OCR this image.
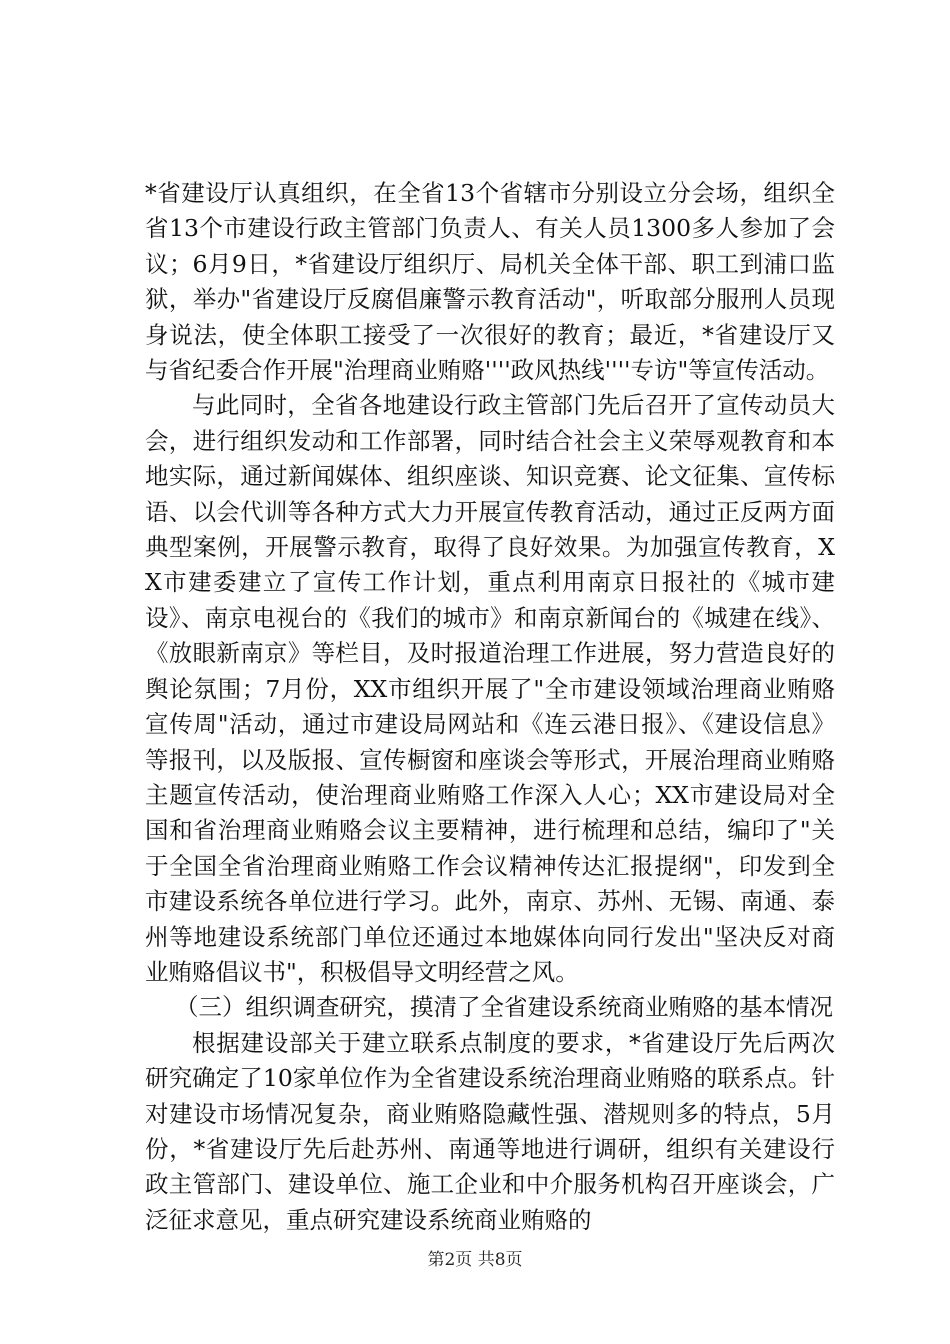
*省建设厅认真组织，在全省13个省辖市分别设立分会场，组织全省13个市建设行政主管部门负责人、有关人员1300多人参加了会议；6月9日，*省建设厅组织厅、局机关全体干部、职工到浦口监狱，举办"省建设厅反腐倡廉警示教育活动"，听取部分服刑人员现身说法，使全体职工接受了一次很好的教育；最近，*省建设厅又与省纪委合作开展"治理商业贿赂''''政风热线''''专访"等宣传活动。

与此同时，全省各地建设行政主管部门先后召开了宣传动员大会，进行组织发动和工作部署，同时结合社会主义荣辱观教育和本地实际，通过新闻媒体、组织座谈、知识竞赛、论文征集、宣传标语、以会代训等各种方式大力开展宣传教育活动，通过正反两方面典型案例，开展警示教育，取得了良好效果。为加强宣传教育，XX市建委建立了宣传工作计划，重点利用南京日报社的《城市建设》、南京电视台的《我们的城市》和南京新闻台的《城建在线》、《放眼新南京》等栏目，及时报道治理工作进展，努力营造良好的舆论氛围；7月份，XX市组织开展了"全市建设领域治理商业贿赂宣传周"活动，通过市建设局网站和《连云港日报》、《建设信息》等报刊，以及版报、宣传橱窗和座谈会等形式，开展治理商业贿赂主题宣传活动，使治理商业贿赂工作深入人心；XX市建设局对全国和省治理商业贿赂会议主要精神，进行梳理和总结，编印了"关于全国全省治理商业贿赂工作会议精神传达汇报提纲"，印发到全市建设系统各单位进行学习。此外，南京、苏州、无锡、南通、泰州等地建设系统部门单位还通过本地媒体向同行发出"坚决反对商业贿赂倡议书"，积极倡导文明经营之风。

（三）组织调查研究，摸清了全省建设系统商业贿赂的基本情况

根据建设部关于建立联系点制度的要求，*省建设厅先后两次研究确定了10家单位作为全省建设系统治理商业贿赂的联系点。针对建设市场情况复杂，商业贿赂隐藏性强、潜规则多的特点，5月份，*省建设厅先后赴苏州、南通等地进行调研，组织有关建设行政主管部门、建设单位、施工企业和中介服务机构召开座谈会，广泛征求意见，重点研究建设系统商业贿赂的

第2页 共8页
